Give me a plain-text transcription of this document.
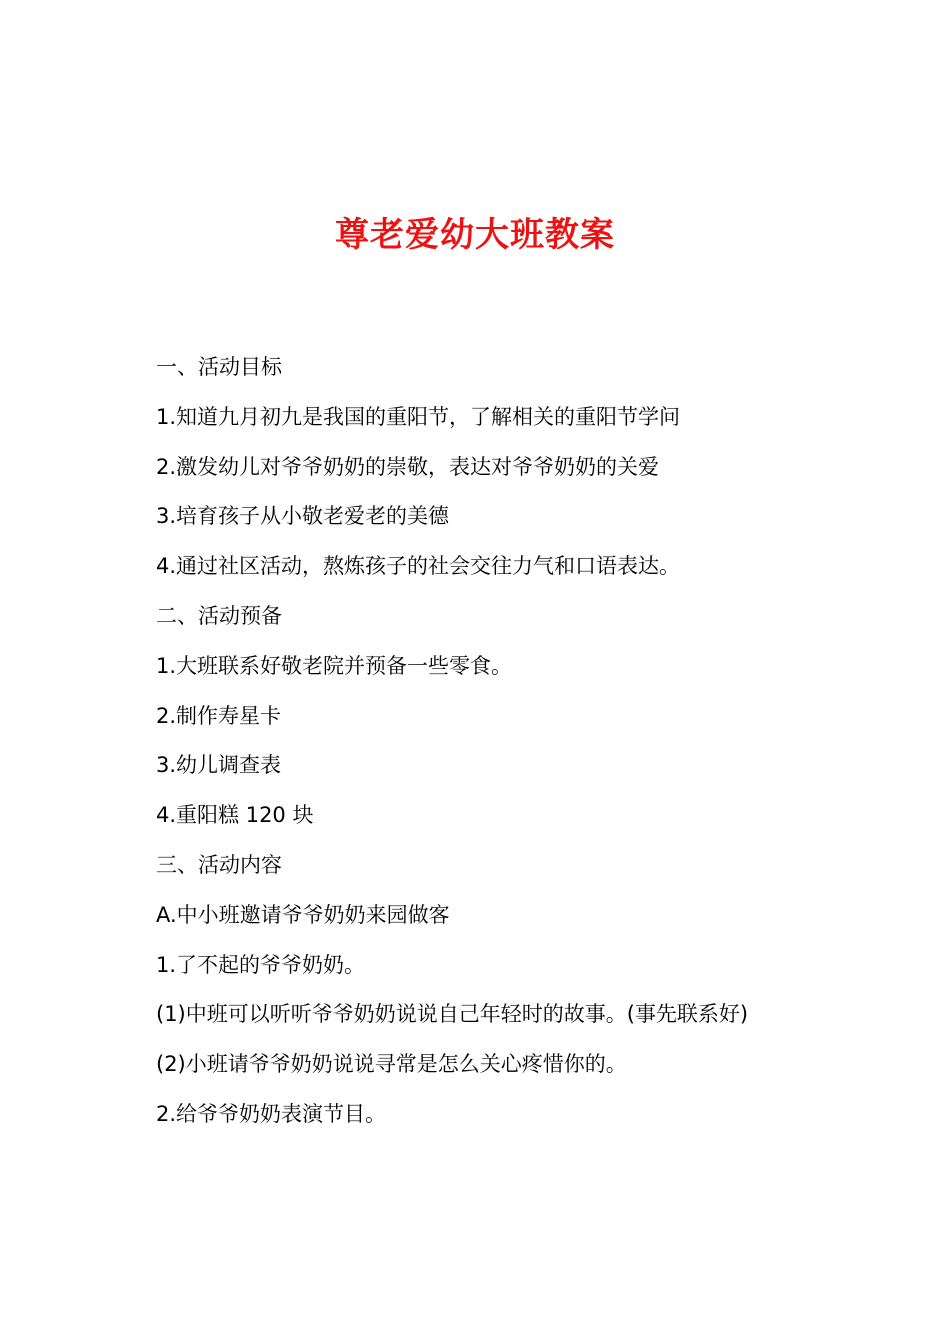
尊老爱幼大班教案
一、活动目标
1.知道九月初九是我国的重阳节，了解相关的重阳节学问
2.激发幼儿对爷爷奶奶的崇敬，表达对爷爷奶奶的关爱
3.培育孩子从小敬老爱老的美德
4.通过社区活动，熬炼孩子的社会交往力气和口语表达。
二、活动预备
1.大班联系好敬老院并预备一些零食。
2.制作寿星卡
3.幼儿调查表
4.重阳糕 120 块
三、活动内容
A.中小班邀请爷爷奶奶来园做客
1.了不起的爷爷奶奶。
(1)中班可以听听爷爷奶奶说说自己年轻时的故事。(事先联系好)
(2)小班请爷爷奶奶说说寻常是怎么关心疼惜你的。
2.给爷爷奶奶表演节目。
